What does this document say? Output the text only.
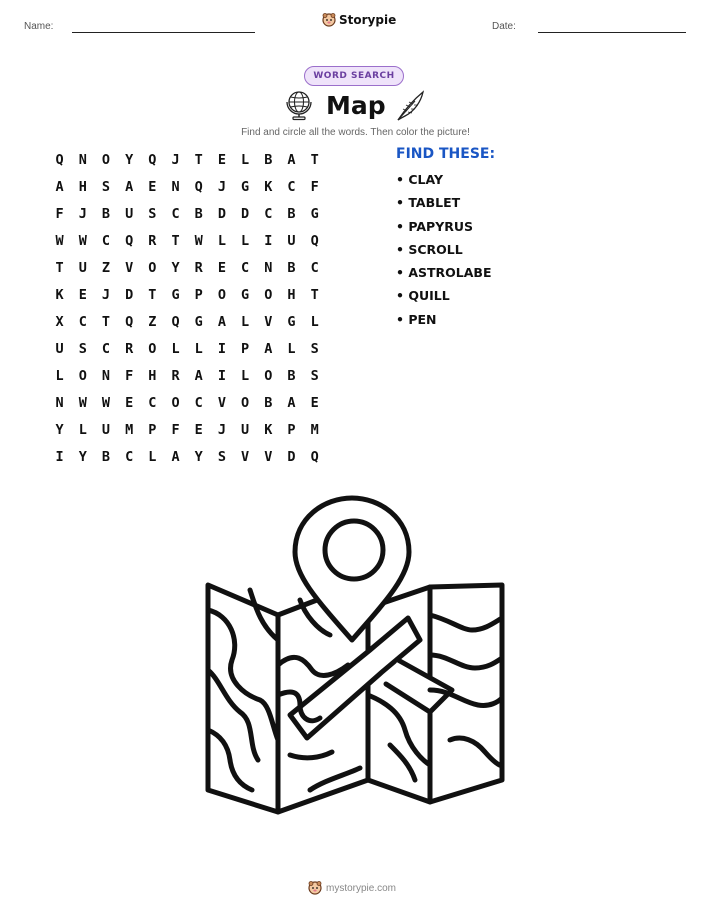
Name:	Storypie	Date:
WORD SEARCH
Map
Find and circle all the words. Then color the picture!
Q	N	O	Y	Q	J	T	E	L	B	A	T
A	H	S	A	E	N	Q	J	G	K	C	F
F	J	B	U	S	C	B	D	D	C	B	G
W	W	C	Q	R	T	W	L	L	I	U	Q
T	U	Z	V	O	Y	R	E	C	N	B	C
K	E	J	D	T	G	P	O	G	O	H	T
X	C	T	Q	Z	Q	G	A	L	V	G	L
U	S	C	R	O	L	L	I	P	A	L	S
L	O	N	F	H	R	A	I	L	O	B	S
N	W	W	E	C	O	C	V	O	B	A	E
Y	L	U	M	P	F	E	J	U	K	P	M
I	Y	B	C	L	A	Y	S	V	V	D	Q
FIND THESE:
• CLAY
• TABLET
• PAPYRUS
• SCROLL
• ASTROLABE
• QUILL
• PEN
mystorypie.com
